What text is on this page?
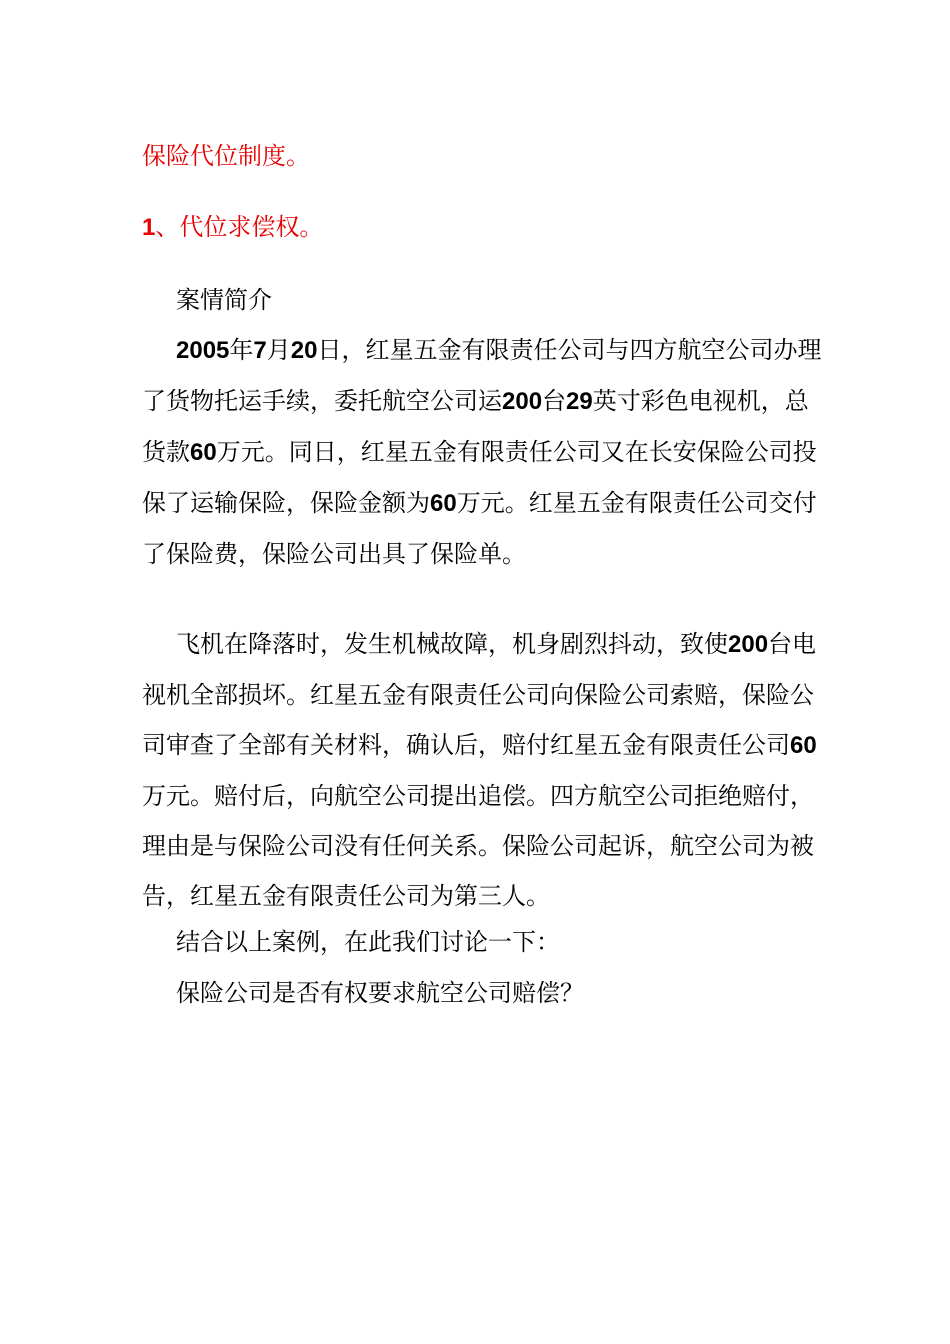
保险代位制度。
1、代位求偿权。

案情简介

2005年7月20日，红星五金有限责任公司与四方航空公司办理了货物托运手续，委托航空公司运200台29英寸彩色电视机，总货款60万元。同日，红星五金有限责任公司又在长安保险公司投保了运输保险，保险金额为60万元。红星五金有限责任公司交付了保险费，保险公司出具了保险单。

飞机在降落时，发生机械故障，机身剧烈抖动，致使200台电视机全部损坏。红星五金有限责任公司向保险公司索赔，保险公司审查了全部有关材料，确认后，赔付红星五金有限责任公司60万元。赔付后，向航空公司提出追偿。四方航空公司拒绝赔付，理由是与保险公司没有任何关系。保险公司起诉，航空公司为被告，红星五金有限责任公司为第三人。

结合以上案例，在此我们讨论一下：

保险公司是否有权要求航空公司赔偿？
